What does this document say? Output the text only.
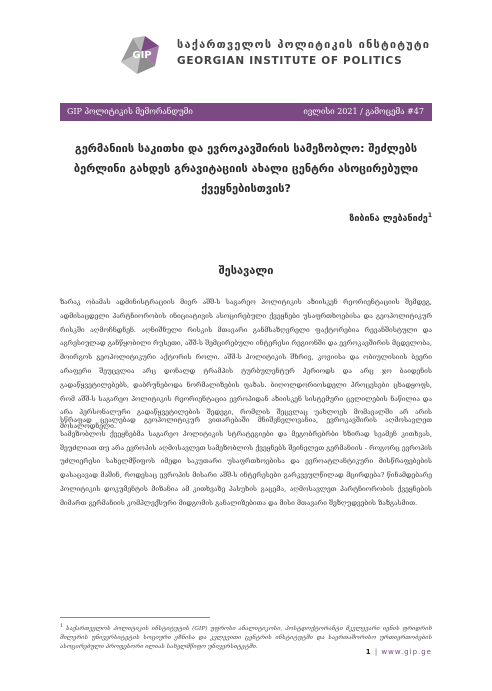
GIP
საქართველოს პოლიტიკის ინსტიტუტი
GEORGIAN INSTITUTE OF POLITICS
GIP პოლიტიკის მემორანდუმი	ივლისი 2021 / გამოცემა #47
გერმანიის საკითხი და ევროკავშირის სამეზობლო: შეძლებს ბერლინი გახდეს გრავიტაციის ახალი ცენტრი ასოცირებული ქვეყნებისთვის?
ზიბინა ლებანიძე$^1$
შესავალი
ზარაკ ობამას ადმინისტრაციის მიერ აშშ-ს საგარეო პოლიტიკის აზიისკენ რეორიენტაციის შემდეგ, ადმისაცდელი პარტნიორობის ინიციატივის ასოცირებული ქვეყნები უსაფრთხოებისა და გეოპოლიტიკურ რისკში აღმოჩნდნენ. აღნიშნული რისკის მთავარი განმსაზღვრელი ფაქტორებია რევანშისტული და აგრესიულად განწყობილი რუსეთი, აშშ-ს შემცირებული ინტერესი რეგიონში და ევროკავშირის მცდელობა, მოირგოს გეოპოლიტიკური აქტორის როლი. აშშ-ს პოლიტიკის შხრივ, კოვიისა და ობიულისიის ბეერი არაფერი შეუცვლია არც დონალდ ტრამპის ტურბულენტურ პერიოდს და არც ჯო ბაიდენის გადაწყვეტილებებს, დაბრუნებოდა ნორმალიზების ფაზას. ბიღოლდორიოსდელი პროცესები ცხადყოფს, რომ აშშ-ს საგარეო პოლიტიკის რეორიენტაცია ევროპიდან აზიისკენ სისტემური ცვლილების ნაწილია და არა პერსონალური გადაწყვეტილების შედეგი, რომლის შეცვლაც უახლოეს მომავალში არ არის მოსალოდნელი.
სწრაფად ცვალებად გეოპოლიტიკურ ვითარებაში მნიშვნელოვანია, ევროკავშირის აღმოსავლეთ სამეზობლოს ქვეყნებმა საგარეო პოლიტიკის სტრატეგიები და მეგობრებრბი ხზირად სვამენ კითხვას, შეუძლიათ თუ არა ევროპის აღმოსავლეთ სამეზობლოს ქვეყნებს შეინელეთ გერმანიის - როგორც ევროპის უძლიერესი სახელმწიფოს იმედი საკუთარი უსაფრთხოებისა და ევროატლანტიკური მისწრაფებების დასაცავად მაშინ, როდესაც ევროპის მისარი აშშ-ს ინტერესები გარკვეულწილად მცირდება? წინამდებარე პოლიტიკის დოკუმენტის მიზანია ამ კითხვაზე პასუხის გაცემა, აღმოსავლეთ პარტნიორობის ქვეყნების მიმართ გერმანიის კომპლექსური მიდგომის განალიზებითა და მისი მთავარი შეზღუდვების ზაზგასმით.
$^1$ საქართველოს პოლიტიკის ინსტიტუტის (GIP) უფროსი ანალიტიკოსი, პოსტდოქტორანტი მკვლევარი იენის ფრიდრიხ შილერის უნივერსიტეტის სოციური ეზნისა და კვლევითი ცენტრის ინსტიტუტში და საერთაშორისო ურთიერთობების ასოცირებული პროფესორი ილიას სახელმწიფო უნივერსიტეტში.
1 | www.gip.ge
